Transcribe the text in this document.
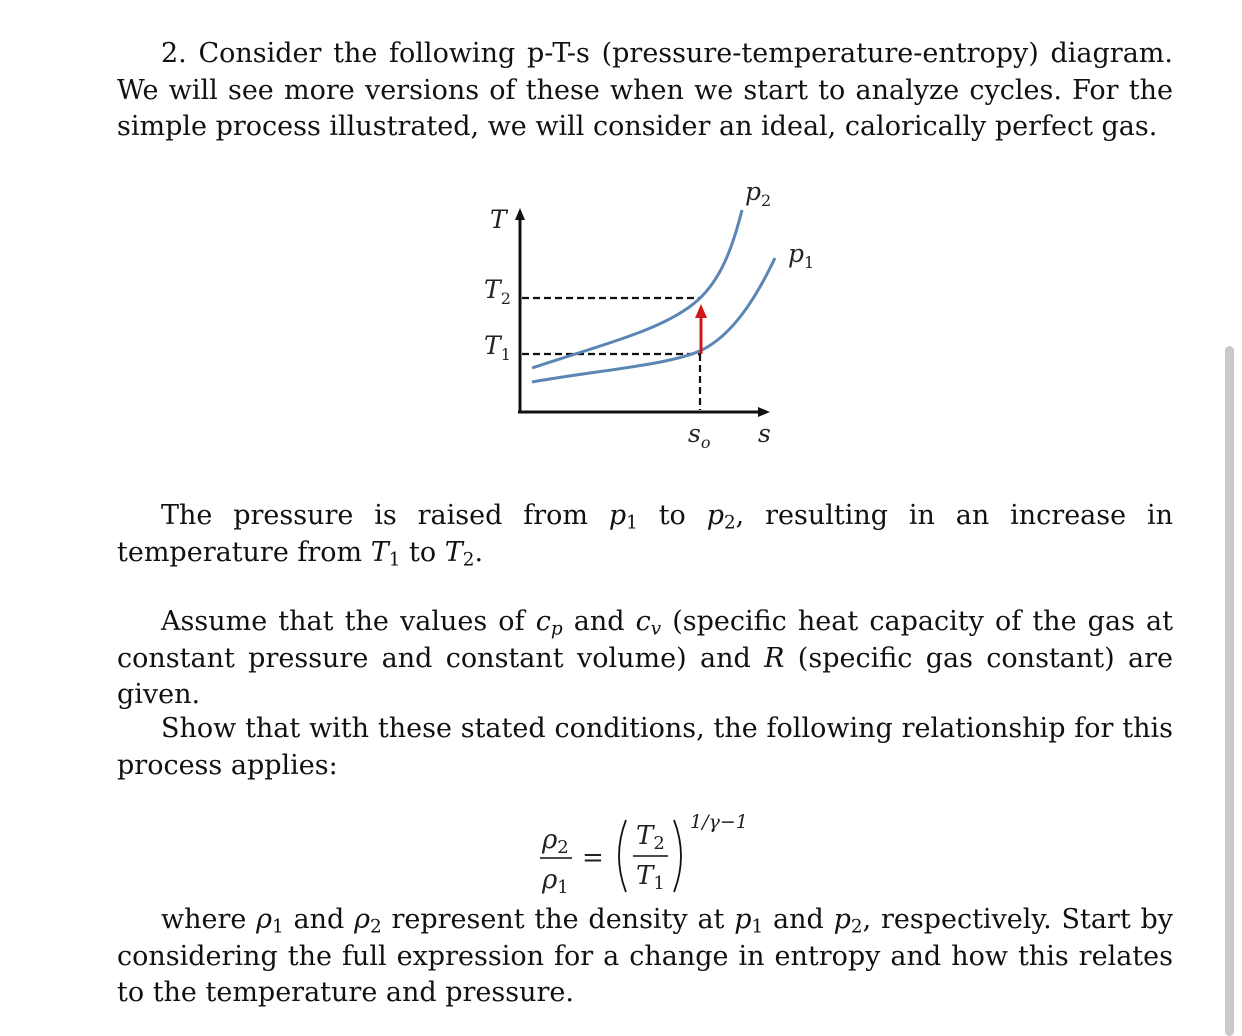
2. Consider the following p-T-s (pressure-temperature-entropy) diagram. We will see more versions of these when we start to analyze cycles. For the simple process illustrated, we will consider an ideal, calorically perfect gas.

T
$T_2$
$T_1$
$s_o$ s
$p_2$
$p_1$

The pressure is raised from $p_1$ to $p_2$, resulting in an increase in temperature from $T_1$ to $T_2$.

Assume that the values of $c_p$ and $c_v$ (specific heat capacity of the gas at constant pressure and constant volume) and R (specific gas constant) are given.

Show that with these stated conditions, the following relationship for this process applies:

ρ2
ρ1
=
T2
T1
1/γ−1

where $\rho_1$ and $\rho_2$ represent the density at $p_1$ and $p_2$, respectively. Start by considering the full expression for a change in entropy and how this relates to the temperature and pressure.
